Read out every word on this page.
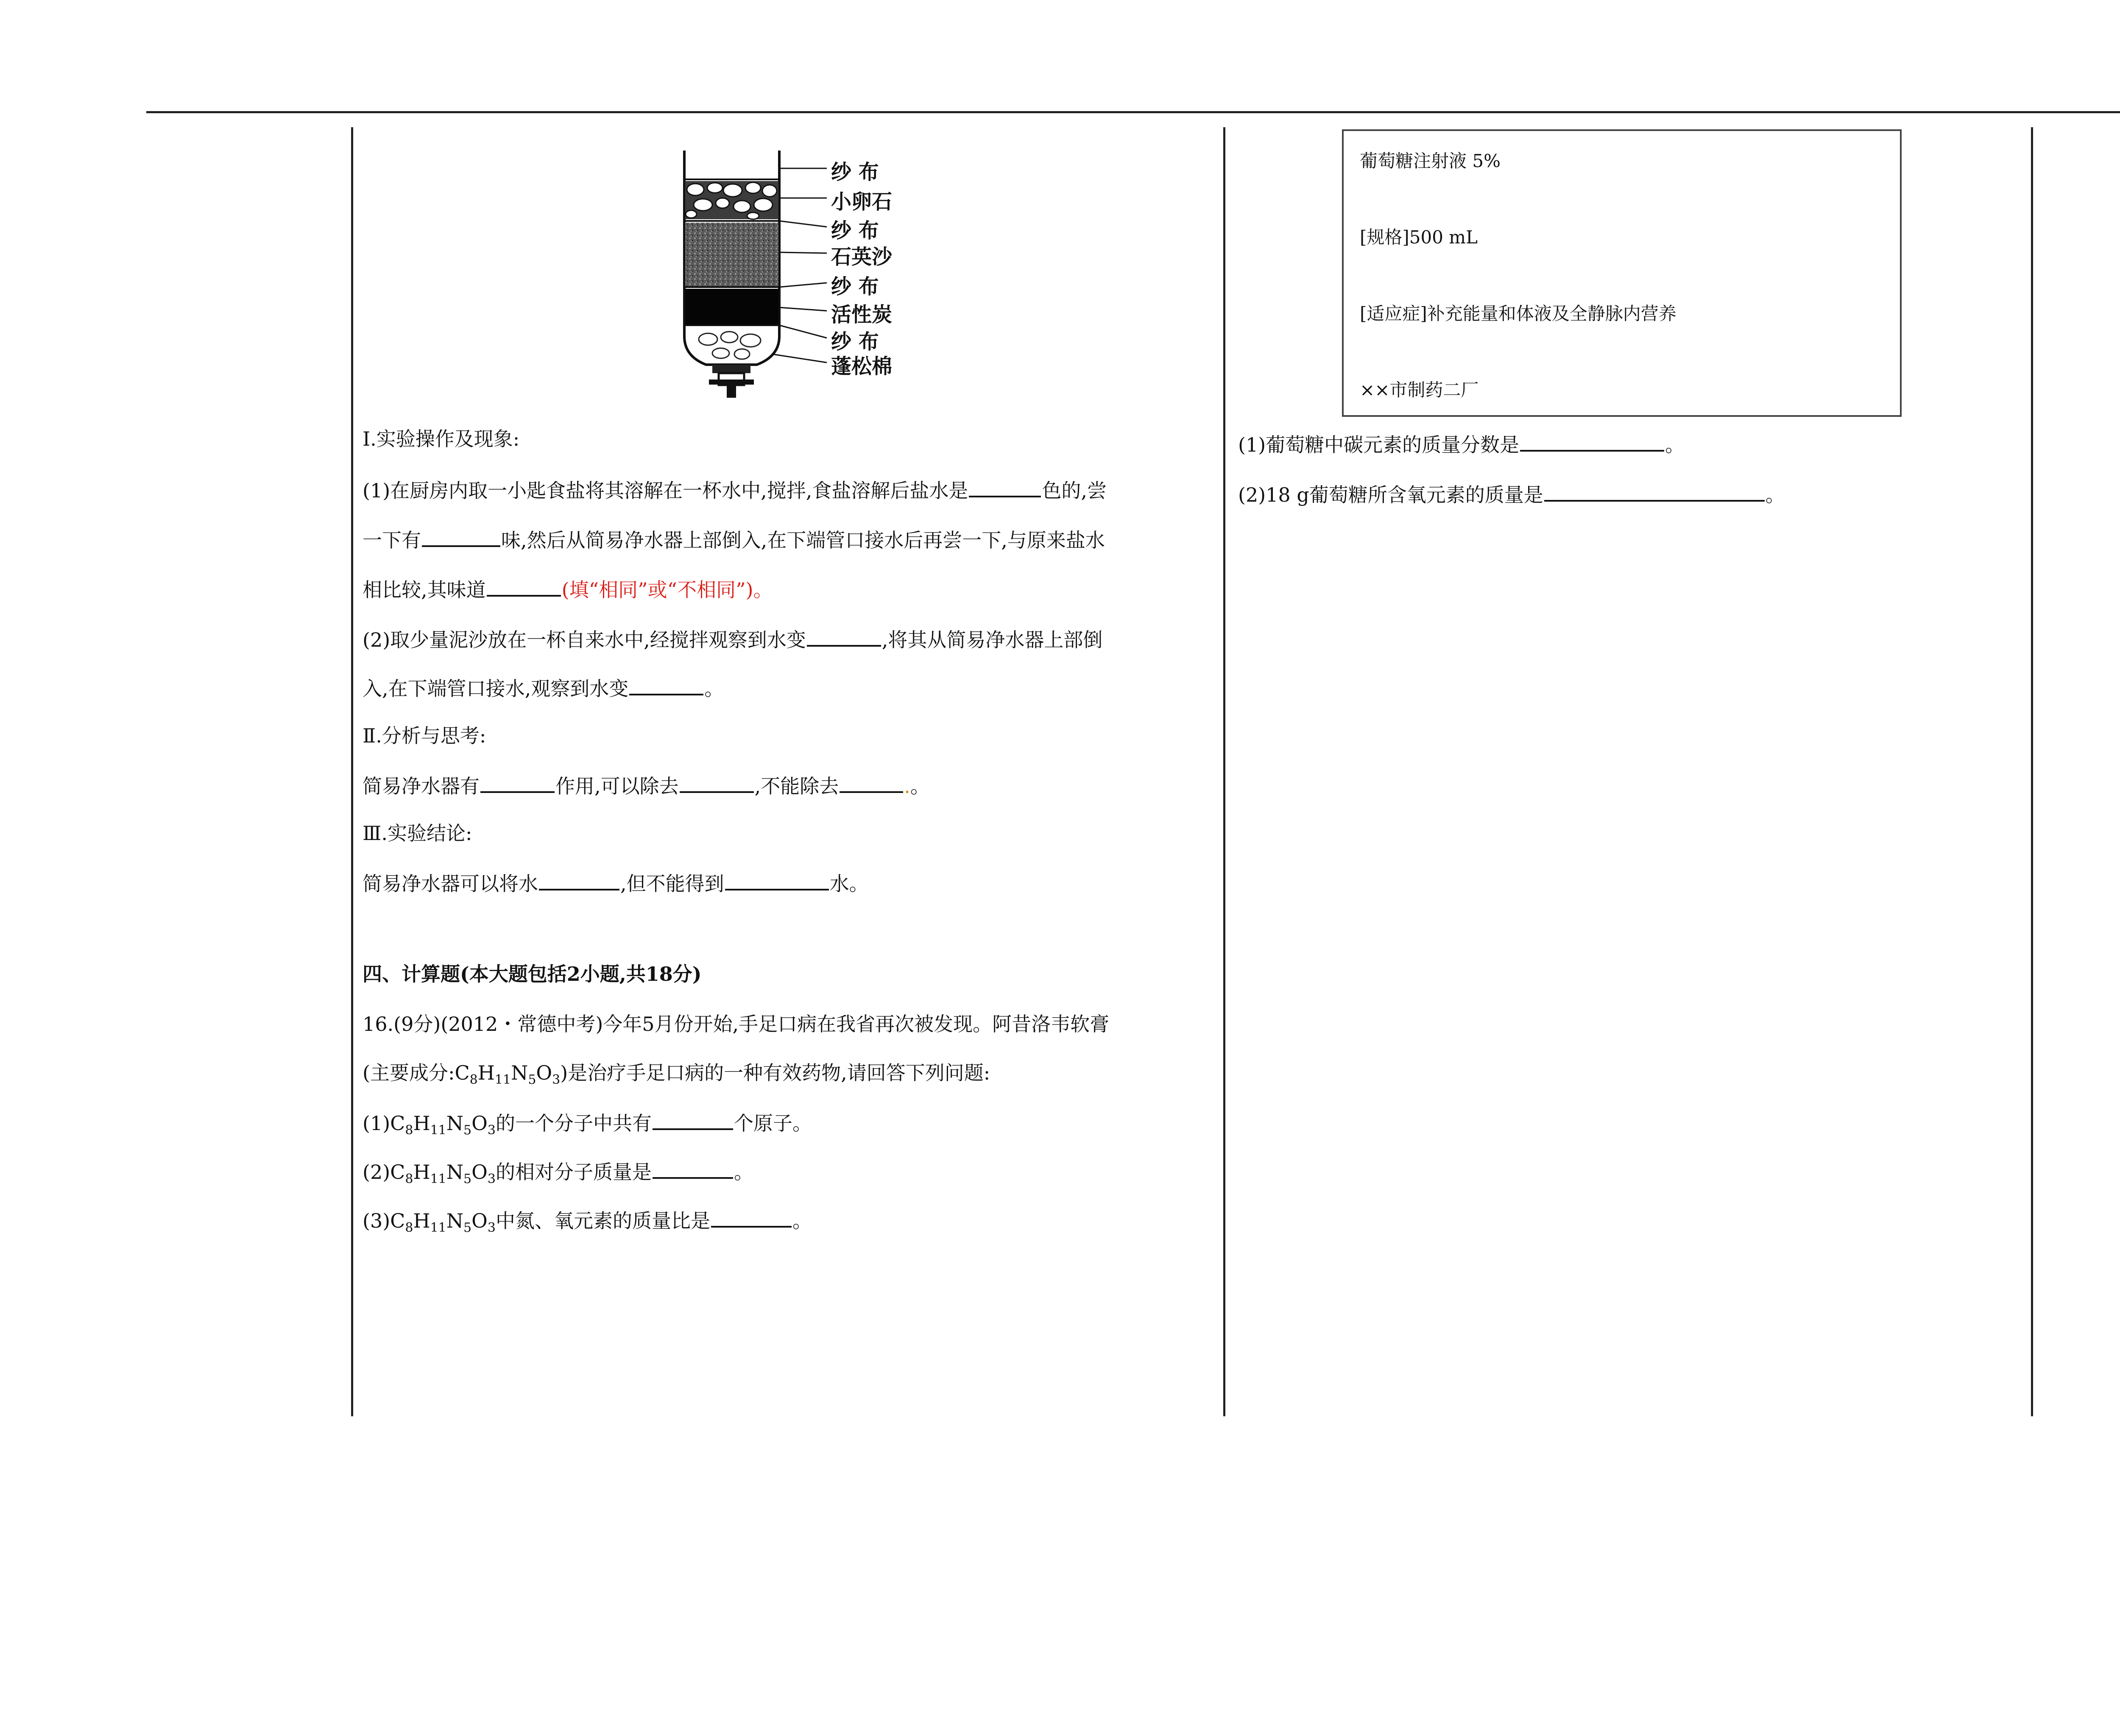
纱 布
小卵石
纱 布
石英沙
纱 布
活性炭
纱 布
蓬松棉

Ⅰ.实验操作及现象:

(1)在厨房内取一小匙食盐将其溶解在一杯水中,搅拌,食盐溶解后盐水是	色的,尝

一下有	味,然后从简易净水器上部倒入,在下端管口接水后再尝一下,与原来盐水

相比较,其味道	(填“相同”或“不相同”)。

(2)取少量泥沙放在一杯自来水中,经搅拌观察到水变	,将其从简易净水器上部倒

入,在下端管口接水,观察到水变	。

Ⅱ.分析与思考:

简易净水器有	作用,可以除去	,不能除去	.。

Ⅲ.实验结论:

简易净水器可以将水	,但不能得到	水。

四、计算题(本大题包括2小题,共18分)

16.(9分)(2012・常德中考)今年5月份开始,手足口病在我省再次被发现。阿昔洛韦软膏

(主要成分$:C_8H_{11}N_5O_3$)是治疗手足口病的一种有效药物,请回答下列问题:

$(1)C_8H_{11}N_5O_3$的一个分子中共有	个原子。

$(2)C_8H_{11}N_5O_3$的相对分子质量是	。

$(3)C_8H_{11}N_5O_3$中氮、氧元素的质量比是	。

葡萄糖注射液 5%
[规格]500 mL
[适应症]补充能量和体液及全静脉内营养
××市制药二厂

(1)葡萄糖中碳元素的质量分数是	。

(2)18 g葡萄糖所含氧元素的质量是	。
